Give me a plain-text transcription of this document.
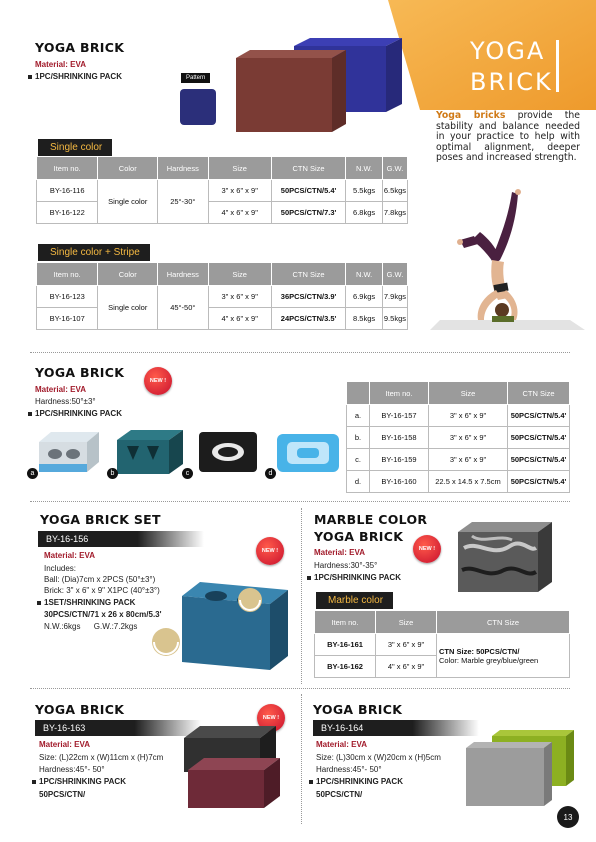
YOGA
BRICK
Yoga bricks provide the stability and balance needed in your practice to help with optimal alignment, deeper poses and increased strength.
YOGA BRICK
Material: EVA
1PC/SHRINKING PACK	Pattern
Single color
Item no.	Color	Hardness	Size	CTN Size	N.W.	G.W.
BY-16-116	Single color	25°-30°	3" x 6" x 9"	50PCS/CTN/5.4'	5.5kgs	6.5kgs
BY-16-122			4" x 6" x 9"	50PCS/CTN/7.3'	6.8kgs	7.8kgs
Single color + Stripe
Item no.	Color	Hardness	Size	CTN Size	N.W.	G.W.
BY-16-123	Single color	45°-50°	3" x 6" x 9"	36PCS/CTN/3.9'	6.9kgs	7.9kgs
BY-16-107			4" x 6" x 9"	24PCS/CTN/3.5'	8.5kgs	9.5kgs
YOGA BRICK
NEW !
Material: EVA
Hardness:50°±3°
1PC/SHRINKING PACK
a	b	c	d
	Item no.	Size	CTN Size
a.	BY-16-157	3" x 6" x 9"	50PCS/CTN/5.4'
b.	BY-16-158	3" x 6" x 9"	50PCS/CTN/5.4'
c.	BY-16-159	3" x 6" x 9"	50PCS/CTN/5.4'
d.	BY-16-160	22.5 x 14.5 x 7.5cm	50PCS/CTN/5.4'
YOGA BRICK SET
BY-16-156
NEW !
Material: EVA
Includes:
Ball: (Dia)7cm x 2PCS (50°±3°)
Brick: 3" x 6" x 9" X1PC (40°±3°)
1SET/SHRINKING PACK
30PCS/CTN/71 x 26 x 80cm/5.3'
N.W.:6kgs      G.W.:7.2kgs
MARBLE COLOR
YOGA BRICK
NEW !
Material: EVA
Hardness:30°-35°
1PC/SHRINKING PACK
Marble color
Item no.	Size	CTN Size
BY-16-161	3" x 6" x 9"	CTN Size: 50PCS/CTN/
Color: Marble grey/blue/green

BY-16-162	4" x 6" x 9"	
YOGA BRICK
BY-16-163
NEW !
Material: EVA
Size: (L)22cm x (W)11cm x (H)7cm
Hardness:45°- 50°
1PC/SHRINKING PACK
50PCS/CTN/
YOGA BRICK
BY-16-164
Material: EVA
Size: (L)30cm x (W)20cm x (H)5cm
Hardness:45°- 50°
1PC/SHRINKING PACK
50PCS/CTN/
13
